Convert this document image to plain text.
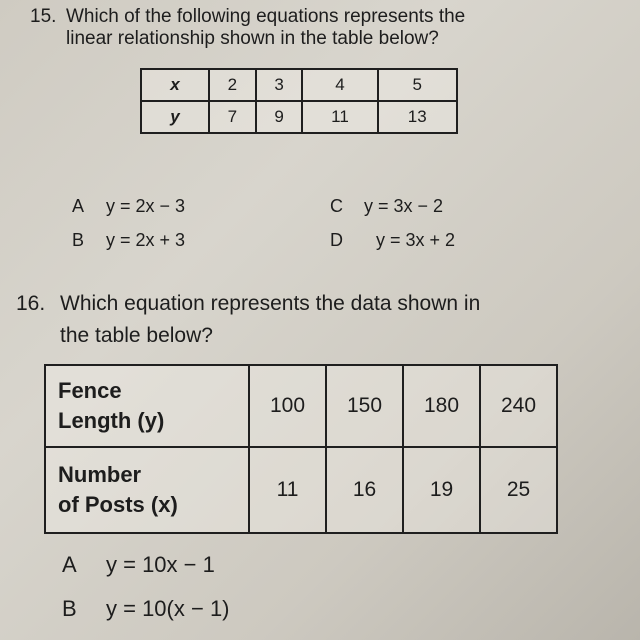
15. Which of the following equations represents the
linear relationship shown in the table below?
x	2	3	4	5
y	7	9	11	13
A y = 2x − 3
B y = 2x + 3
C y = 3x − 2
D y = 3x + 2
16. Which equation represents the data shown in
the table below?
Fence
Length (y)	100	150	180	240
Number
of Posts (x)	11	16	19	25
A y = 10x − 1
B y = 10(x − 1)
